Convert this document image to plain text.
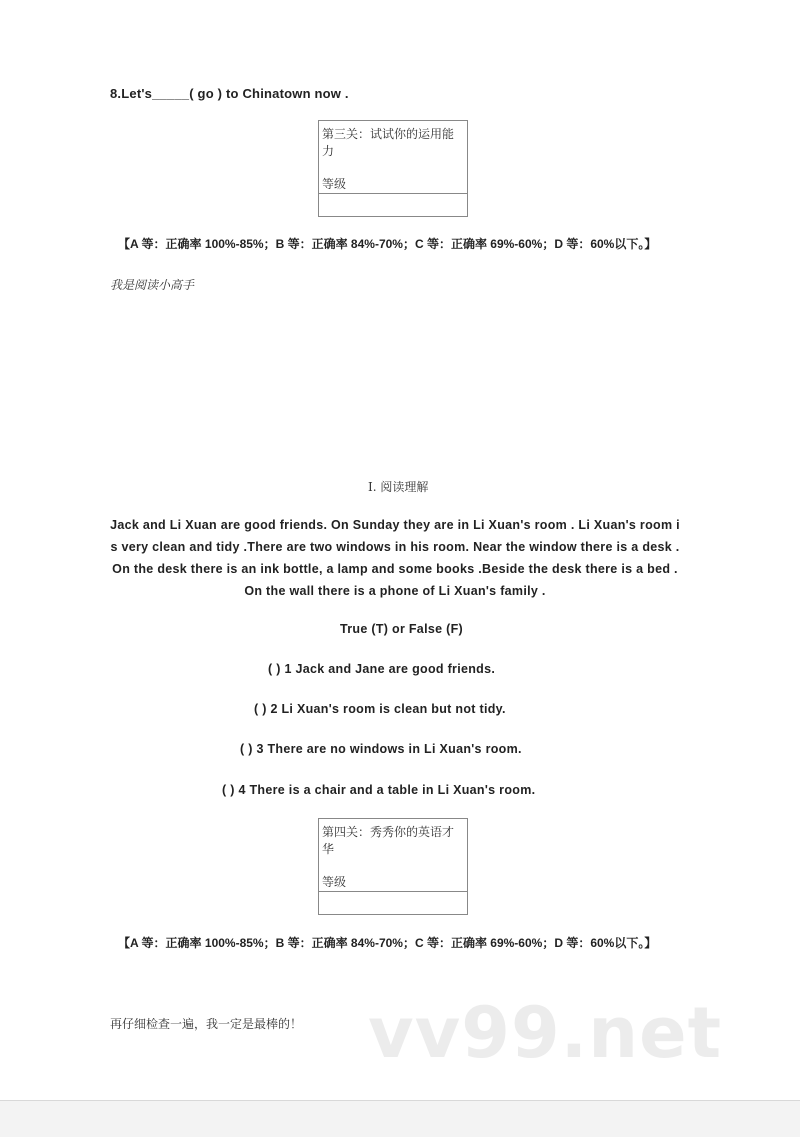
8.Let's_____( go ) to Chinatown now .
第三关：试试你的运用能力
等级
【A 等：正确率 100%-85%；B 等：正确率 84%-70%；C 等：正确率 69%-60%；D 等：60%以下。】
我是阅读小高手
Ⅰ. 阅读理解
Jack and Li Xuan are good friends. On Sunday they are in Li Xuan's room . Li Xuan's room is very clean and tidy .There are two windows in his room. Near the window there is a desk . On the desk there is an ink bottle, a lamp and some books .Beside the desk there is a bed .On the wall there is a phone of Li Xuan's family .
True (T) or False (F)
( ) 1 Jack and Jane are good friends.
( ) 2 Li Xuan's room is clean but not tidy.
( ) 3 There are no windows in Li Xuan's room.
( ) 4 There is a chair and a table in Li Xuan's room.
第四关：秀秀你的英语才华
等级
【A 等：正确率 100%-85%；B 等：正确率 84%-70%；C 等：正确率 69%-60%；D 等：60%以下。】
vv99.net
再仔细检查一遍，我一定是最棒的！
